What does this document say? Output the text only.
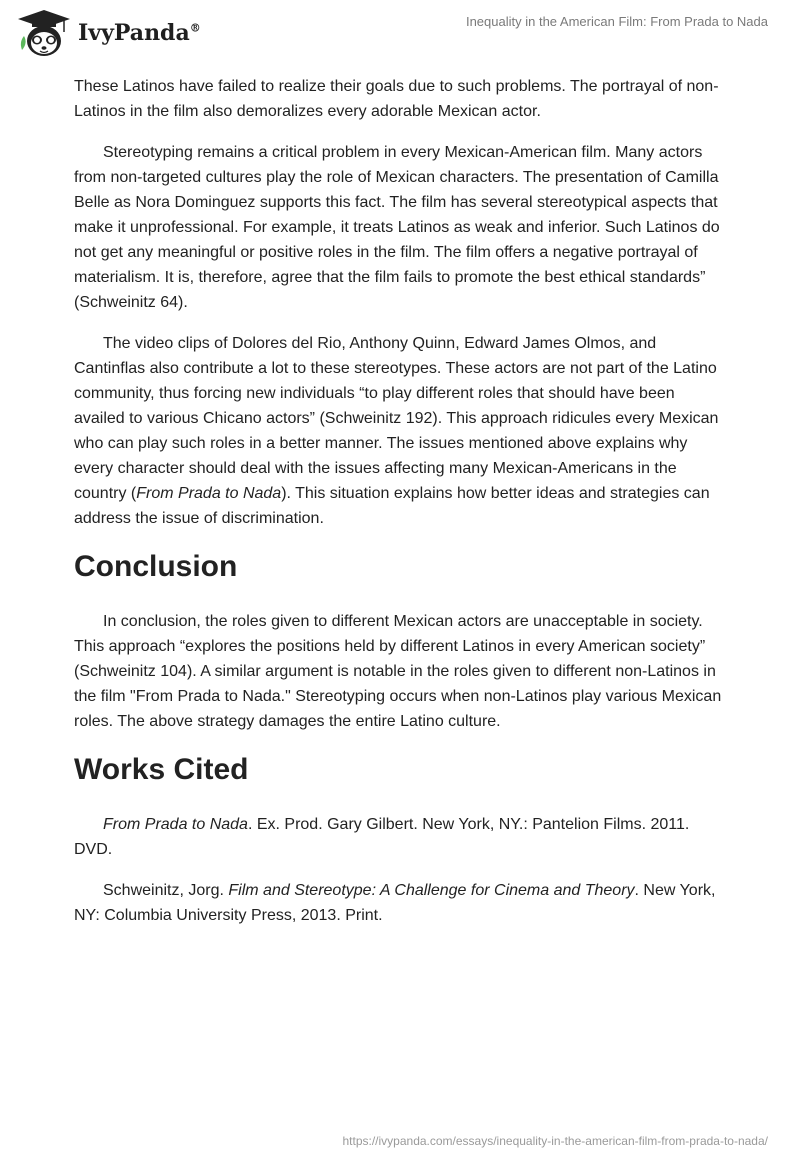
IvyPanda®	Inequality in the American Film: From Prada to Nada

These Latinos have failed to realize their goals due to such problems. The portrayal of non-Latinos in the film also demoralizes every adorable Mexican actor.

Stereotyping remains a critical problem in every Mexican-American film. Many actors from non-targeted cultures play the role of Mexican characters. The presentation of Camilla Belle as Nora Dominguez supports this fact. The film has several stereotypical aspects that make it unprofessional. For example, it treats Latinos as weak and inferior. Such Latinos do not get any meaningful or positive roles in the film. The film offers a negative portrayal of materialism. It is, therefore, agree that the film fails to promote the best ethical standards” (Schweinitz 64).

The video clips of Dolores del Rio, Anthony Quinn, Edward James Olmos, and Cantinflas also contribute a lot to these stereotypes. These actors are not part of the Latino community, thus forcing new individuals “to play different roles that should have been availed to various Chicano actors” (Schweinitz 192). This approach ridicules every Mexican who can play such roles in a better manner. The issues mentioned above explains why every character should deal with the issues affecting many Mexican-Americans in the country (From Prada to Nada). This situation explains how better ideas and strategies can address the issue of discrimination.

Conclusion

In conclusion, the roles given to different Mexican actors are unacceptable in society. This approach “explores the positions held by different Latinos in every American society” (Schweinitz 104). A similar argument is notable in the roles given to different non-Latinos in the film "From Prada to Nada." Stereotyping occurs when non-Latinos play various Mexican roles. The above strategy damages the entire Latino culture.

Works Cited

From Prada to Nada. Ex. Prod. Gary Gilbert. New York, NY.: Pantelion Films. 2011. DVD.

Schweinitz, Jorg. Film and Stereotype: A Challenge for Cinema and Theory. New York, NY: Columbia University Press, 2013. Print.

https://ivypanda.com/essays/inequality-in-the-american-film-from-prada-to-nada/
